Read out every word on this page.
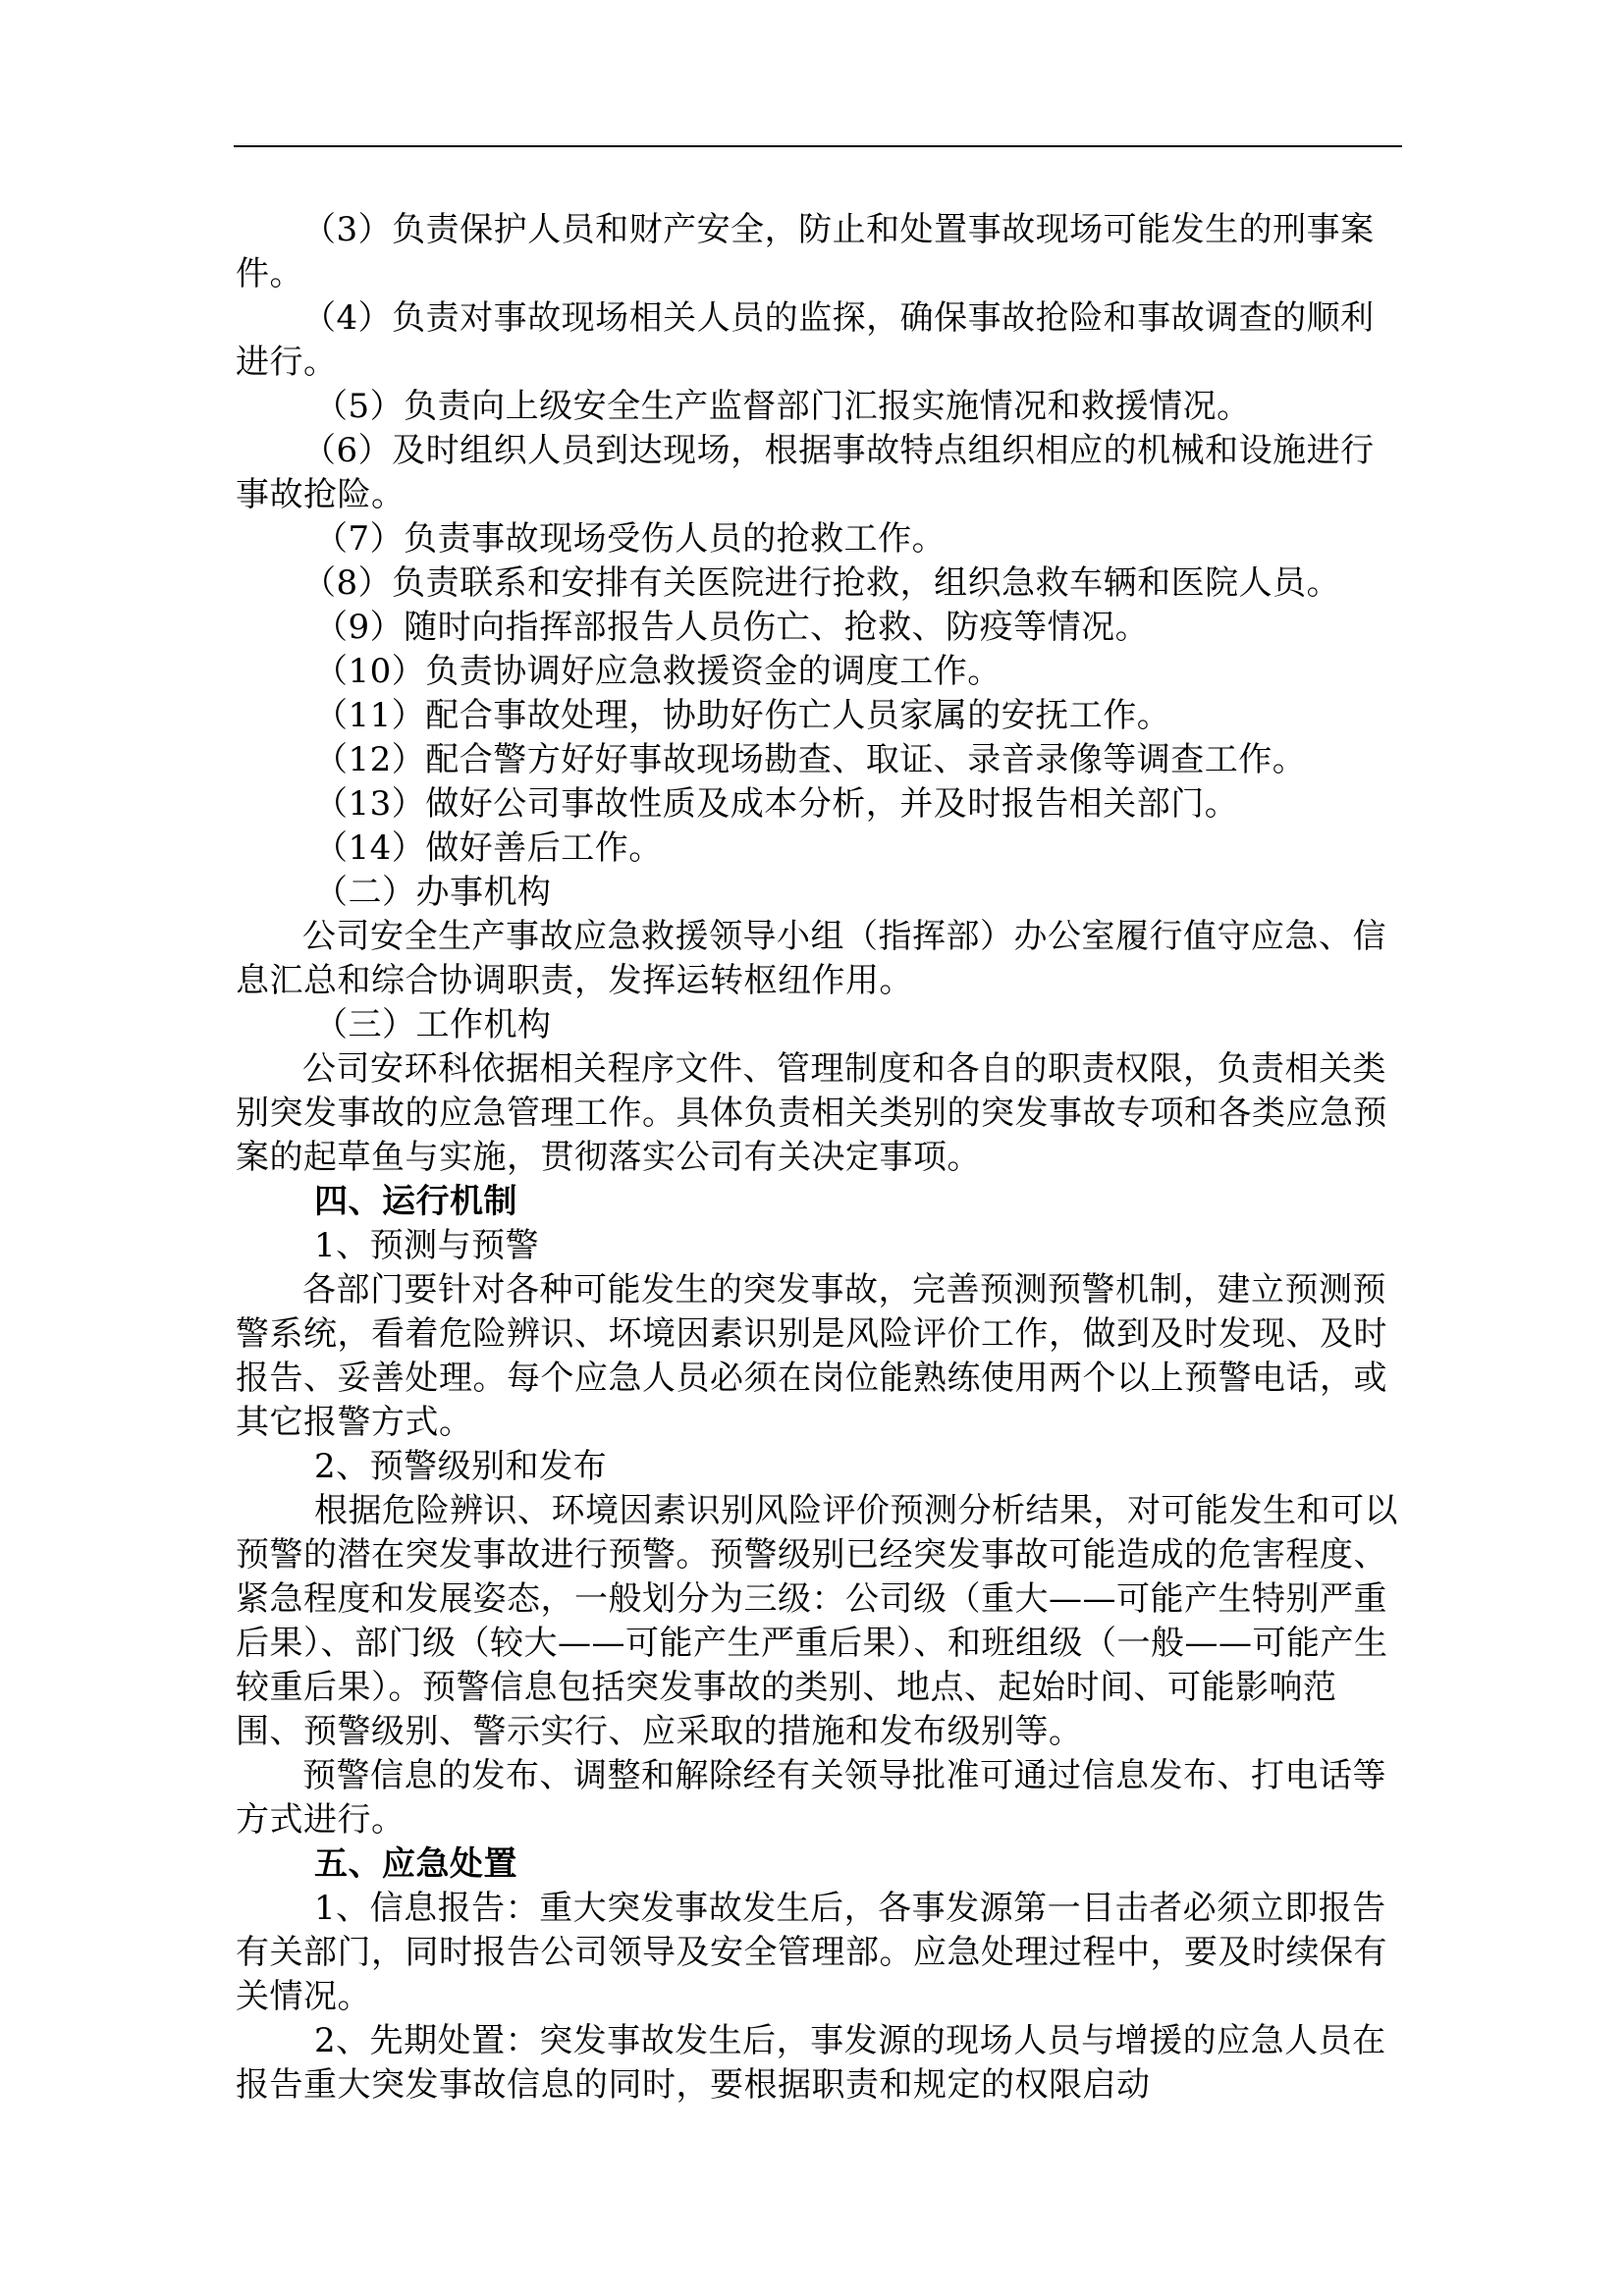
（3）负责保护人员和财产安全，防止和处置事故现场可能发生的刑事案件。

（4）负责对事故现场相关人员的监探，确保事故抢险和事故调查的顺利进行。

（5）负责向上级安全生产监督部门汇报实施情况和救援情况。

（6）及时组织人员到达现场，根据事故特点组织相应的机械和设施进行事故抢险。

（7）负责事故现场受伤人员的抢救工作。

（8）负责联系和安排有关医院进行抢救，组织急救车辆和医院人员。

（9）随时向指挥部报告人员伤亡、抢救、防疫等情况。

（10）负责协调好应急救援资金的调度工作。

（11）配合事故处理，协助好伤亡人员家属的安抚工作。

（12）配合警方好好事故现场勘查、取证、录音录像等调查工作。

（13）做好公司事故性质及成本分析，并及时报告相关部门。

（14）做好善后工作。

（二）办事机构

公司安全生产事故应急救援领导小组（指挥部）办公室履行值守应急、信息汇总和综合协调职责，发挥运转枢纽作用。

（三）工作机构

公司安环科依据相关程序文件、管理制度和各自的职责权限，负责相关类别突发事故的应急管理工作。具体负责相关类别的突发事故专项和各类应急预案的起草鱼与实施，贯彻落实公司有关决定事项。

四、运行机制

1、预测与预警

各部门要针对各种可能发生的突发事故，完善预测预警机制，建立预测预警系统，看着危险辨识、坏境因素识别是风险评价工作，做到及时发现、及时报告、妥善处理。每个应急人员必须在岗位能熟练使用两个以上预警电话，或其它报警方式。

2、预警级别和发布

根据危险辨识、环境因素识别风险评价预测分析结果，对可能发生和可以预警的潜在突发事故进行预警。预警级别已经突发事故可能造成的危害程度、紧急程度和发展姿态，一般划分为三级：公司级（重大——可能产生特别严重后果）、部门级（较大——可能产生严重后果）、和班组级（一般——可能产生较重后果）。预警信息包括突发事故的类别、地点、起始时间、可能影响范围、预警级别、警示实行、应采取的措施和发布级别等。

预警信息的发布、调整和解除经有关领导批准可通过信息发布、打电话等方式进行。

五、应急处置

1、信息报告：重大突发事故发生后，各事发源第一目击者必须立即报告有关部门，同时报告公司领导及安全管理部。应急处理过程中，要及时续保有关情况。

2、先期处置：突发事故发生后，事发源的现场人员与增援的应急人员在报告重大突发事故信息的同时，要根据职责和规定的权限启动
